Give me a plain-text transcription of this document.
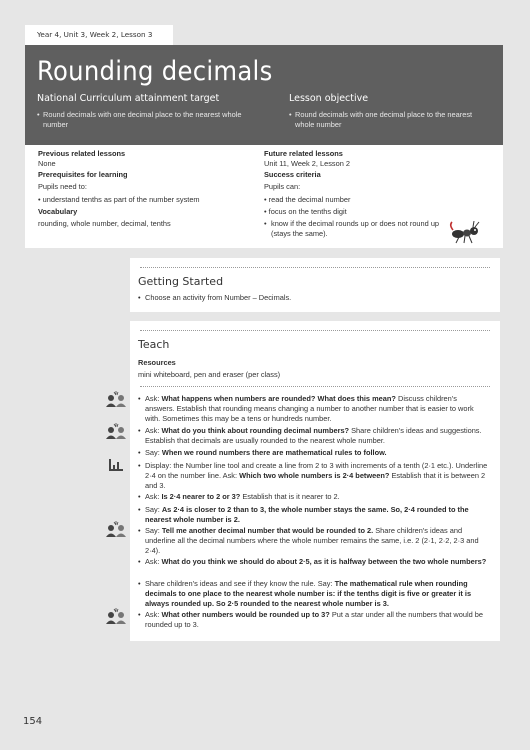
Year 4, Unit 3, Week 2, Lesson 3
Rounding decimals
National Curriculum attainment target
• Round decimals with one decimal place to the nearest whole number
Lesson objective
• Round decimals with one decimal place to the nearest whole number
Previous related lessons
None
Prerequisites for learning
Pupils need to:
• understand tenths as part of the number system
Vocabulary
rounding, whole number, decimal, tenths
Future related lessons
Unit 11, Week 2, Lesson 2
Success criteria
Pupils can:
• read the decimal number
• focus on the tenths digit
• know if the decimal rounds up or does not round up (stays the same).
Getting Started
• Choose an activity from Number – Decimals.
Teach
Resources
mini whiteboard, pen and eraser (per class)
• Ask: What happens when numbers are rounded? What does this mean? Discuss children's answers. Establish that rounding means changing a number to another number that is easier to work with. Sometimes this may be a tens or hundreds number.
• Ask: What do you think about rounding decimal numbers? Share children's ideas and suggestions. Establish that decimals are usually rounded to the nearest whole number.
• Say: When we round numbers there are mathematical rules to follow.
• Display: the Number line tool and create a line from 2 to 3 with increments of a tenth (2·1 etc.). Underline 2·4 on the number line. Ask: Which two whole numbers is 2·4 between? Establish that it is between 2 and 3.
• Ask: Is 2·4 nearer to 2 or 3? Establish that is it nearer to 2.
• Say: As 2·4 is closer to 2 than to 3, the whole number stays the same. So, 2·4 rounded to the nearest whole number is 2.
• Say: Tell me another decimal number that would be rounded to 2. Share children's ideas and underline all the decimal numbers where the whole number remains the same, i.e. 2 (2·1, 2·2, 2·3 and 2·4).
• Ask: What do you think we should do about 2·5, as it is halfway between the two whole numbers?
• Share children's ideas and see if they know the rule. Say: The mathematical rule when rounding decimals to one place to the nearest whole number is: if the tenths digit is five or greater it is always rounded up. So 2·5 rounded to the nearest whole number is 3.
• Ask: What other numbers would be rounded up to 3? Put a star under all the numbers that would be rounded up to 3.
154
